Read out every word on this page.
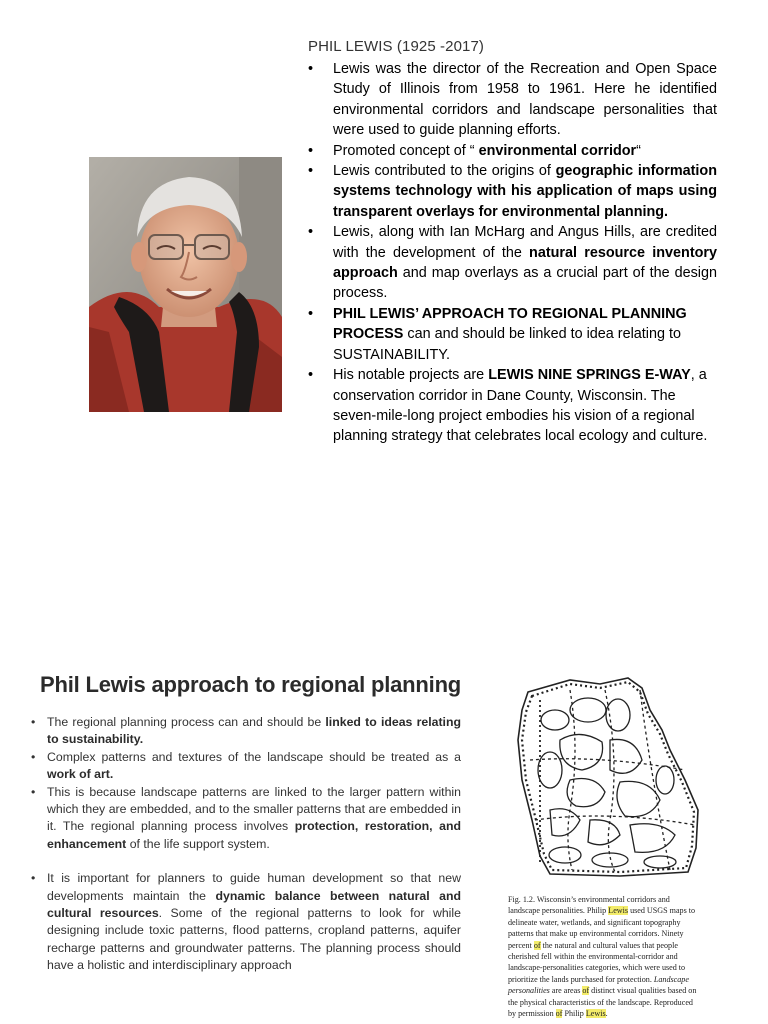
PHIL LEWIS (1925 -2017)
• Lewis was the director of the Recreation and Open Space Study of Illinois from 1958 to 1961. Here he identified environmental corridors and landscape personalities that were used to guide planning efforts.
• Promoted concept of “ environmental corridor“
• Lewis contributed to the origins of geographic information systems technology with his application of maps using transparent overlays for environmental planning.
• Lewis, along with Ian McHarg and Angus Hills, are credited with the development of the natural resource inventory approach and map overlays as a crucial part of the design process.
• PHIL LEWIS’ APPROACH TO REGIONAL PLANNING PROCESS can and should be linked to idea relating to SUSTAINABILITY.
• His notable projects are LEWIS NINE SPRINGS E-WAY, a conservation corridor in Dane County, Wisconsin. The seven-mile-long project embodies his vision of a regional planning strategy that celebrates local ecology and culture.
Phil Lewis approach to regional planning
• The regional planning process can and should be linked to ideas relating to sustainability.
• Complex patterns and textures of the landscape should be treated as a work of art.
• This is because landscape patterns are linked to the larger pattern within which they are embedded, and to the smaller patterns that are embedded in it. The regional planning process involves protection, restoration, and enhancement of the life support system.
• It is important for planners to guide human development so that new developments maintain the dynamic balance between natural and cultural resources. Some of the regional patterns to look for while designing include toxic patterns, flood patterns, cropland patterns, aquifer recharge patterns and groundwater patterns. The planning process should have a holistic and interdisciplinary approach

Fig. 1.2. Wisconsin’s environmental corridors and landscape personalities. Philip Lewis used USGS maps to delineate water, wetlands, and significant topography patterns that make up environmental corridors. Ninety percent of the natural and cultural values that people cherished fell within the environmental-corridor and landscape-personalities categories, which were used to prioritize the lands purchased for protection. Landscape personalities are areas of distinct visual qualities based on the physical characteristics of the landscape. Reproduced by permission of Philip Lewis.
